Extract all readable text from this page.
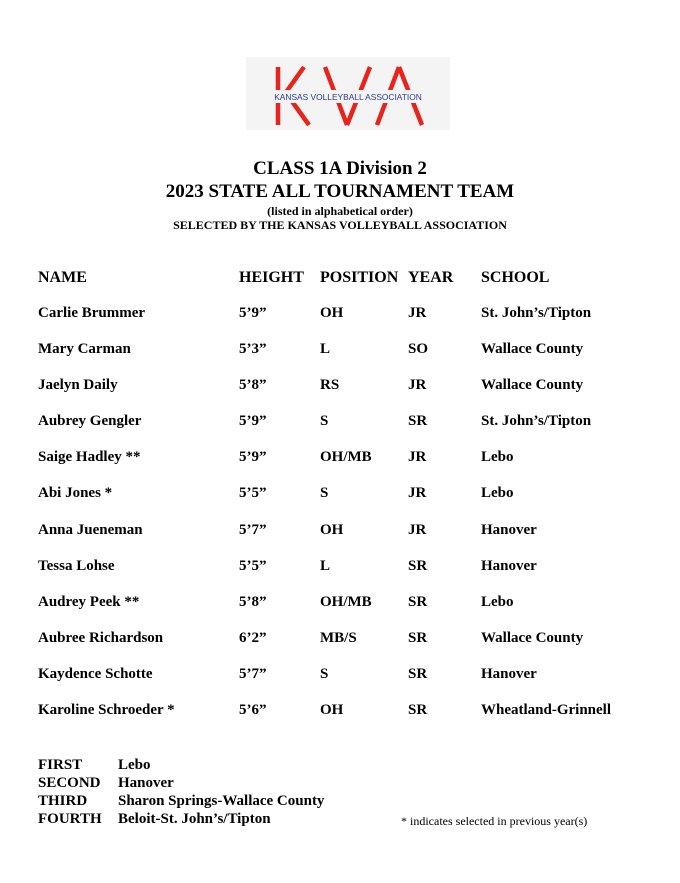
KANSAS VOLLEYBALL ASSOCIATION
CLASS 1A Division 2
2023 STATE ALL TOURNAMENT TEAM
(listed in alphabetical order)
SELECTED BY THE KANSAS VOLLEYBALL ASSOCIATION
NAME	HEIGHT POSITION YEAR SCHOOL
Carlie Brummer	5’9”	OH	JR	St. John’s/Tipton
Mary Carman	5’3”	L	SO	Wallace County
Jaelyn Daily	5’8”	RS	JR	Wallace County
Aubrey Gengler	5’9”	S	SR	St. John’s/Tipton
Saige Hadley **	5’9”	OH/MB JR	Lebo
Abi Jones *	5’5”	S	JR	Lebo
Anna Jueneman	5’7”	OH	JR	Hanover
Tessa Lohse	5’5”	L	SR	Hanover
Audrey Peek **	5’8”	OH/MB SR	Lebo
Aubree Richardson	6’2”	MB/S	SR	Wallace County
Kaydence Schotte	5’7”	S	SR	Hanover
Karoline Schroeder *	5’6”	OH	SR	Wheatland-Grinnell
FIRST Lebo
SECOND Hanover
THIRD Sharon Springs-Wallace County
FOURTH Beloit-St. John’s/Tipton	* indicates selected in previous year(s)
